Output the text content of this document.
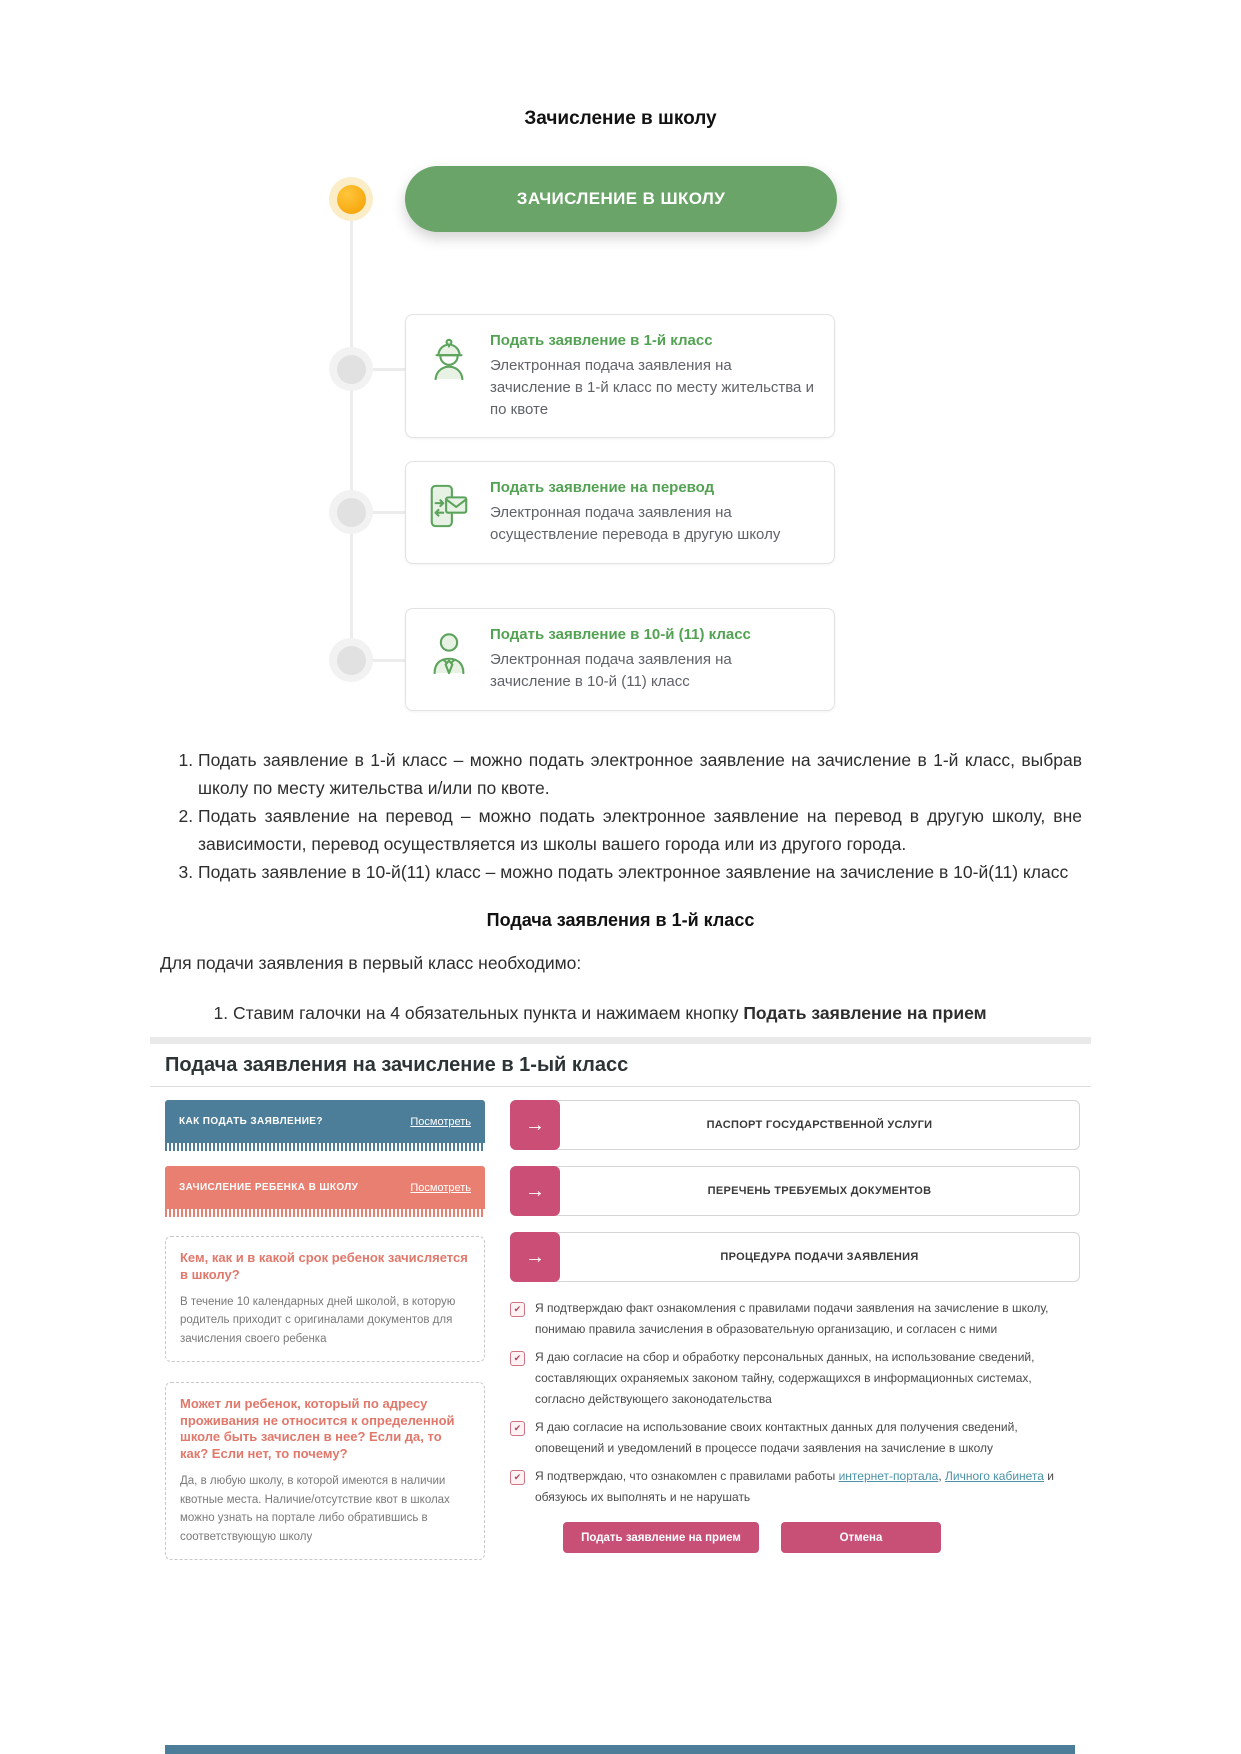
Зачисление в школу
ЗАЧИСЛЕНИЕ В ШКОЛУ
Подать заявление в 1-й класс

Электронная подача заявления на зачисление в 1-й класс по месту жительства и по квоте

Подать заявление на перевод

Электронная подача заявления на осуществление перевода в другую школу

Подать заявление в 10-й (11) класс

Электронная подача заявления на зачисление в 10-й (11) класс

1. Подать заявление в 1-й класс – можно подать электронное заявление на зачисление в 1-й класс, выбрав школу по месту жительства и/или по квоте.
2. Подать заявление на перевод – можно подать электронное заявление на перевод в другую школу, вне зависимости, перевод осуществляется из школы вашего города или из другого города.
3. Подать заявление в 10-й(11) класс – можно подать электронное заявление на зачисление в 10-й(11) класс
Подача заявления в 1-й класс

Для подачи заявления в первый класс необходимо:

1. Ставим галочки на 4 обязательных пункта и нажимаем кнопку Подать заявление на прием
Подача заявления на зачисление в 1-ый класс
КАК ПОДАТЬ ЗАЯВЛЕНИЕ?	Посмотреть
ЗАЧИСЛЕНИЕ РЕБЕНКА В ШКОЛУ	Посмотреть
Кем, как и в какой срок ребенок зачисляется в школу?

В течение 10 календарных дней школой, в которую родитель приходит с оригиналами документов для зачисления своего ребенка

Может ли ребенок, который по адресу проживания не относится к определенной школе быть зачислен в нее? Если да, то как? Если нет, то почему?

Да, в любую школу, в которой имеются в наличии квотные места. Наличие/отсутствие квот в школах можно узнать на портале либо обратившись в соответствующую школу

→
ПАСПОРТ ГОСУДАРСТВЕННОЙ УСЛУГИ
→
ПЕРЕЧЕНЬ ТРЕБУЕМЫХ ДОКУМЕНТОВ
→
ПРОЦЕДУРА ПОДАЧИ ЗАЯВЛЕНИЯ
✔
Я подтверждаю факт ознакомления с правилами подачи заявления на зачисление в школу, понимаю правила зачисления в образовательную организацию, и согласен с ними
✔
Я даю согласие на сбор и обработку персональных данных, на использование сведений, составляющих охраняемых законом тайну, содержащихся в информационных системах, согласно действующего законодательства
✔
Я даю согласие на использование своих контактных данных для получения сведений, оповещений и уведомлений в процессе подачи заявления на зачисление в школу
✔
Я подтверждаю, что ознакомлен с правилами работы интернет-портала, Личного кабинета и обязуюсь их выполнять и не нарушать
Подать заявление на прием	Отмена
